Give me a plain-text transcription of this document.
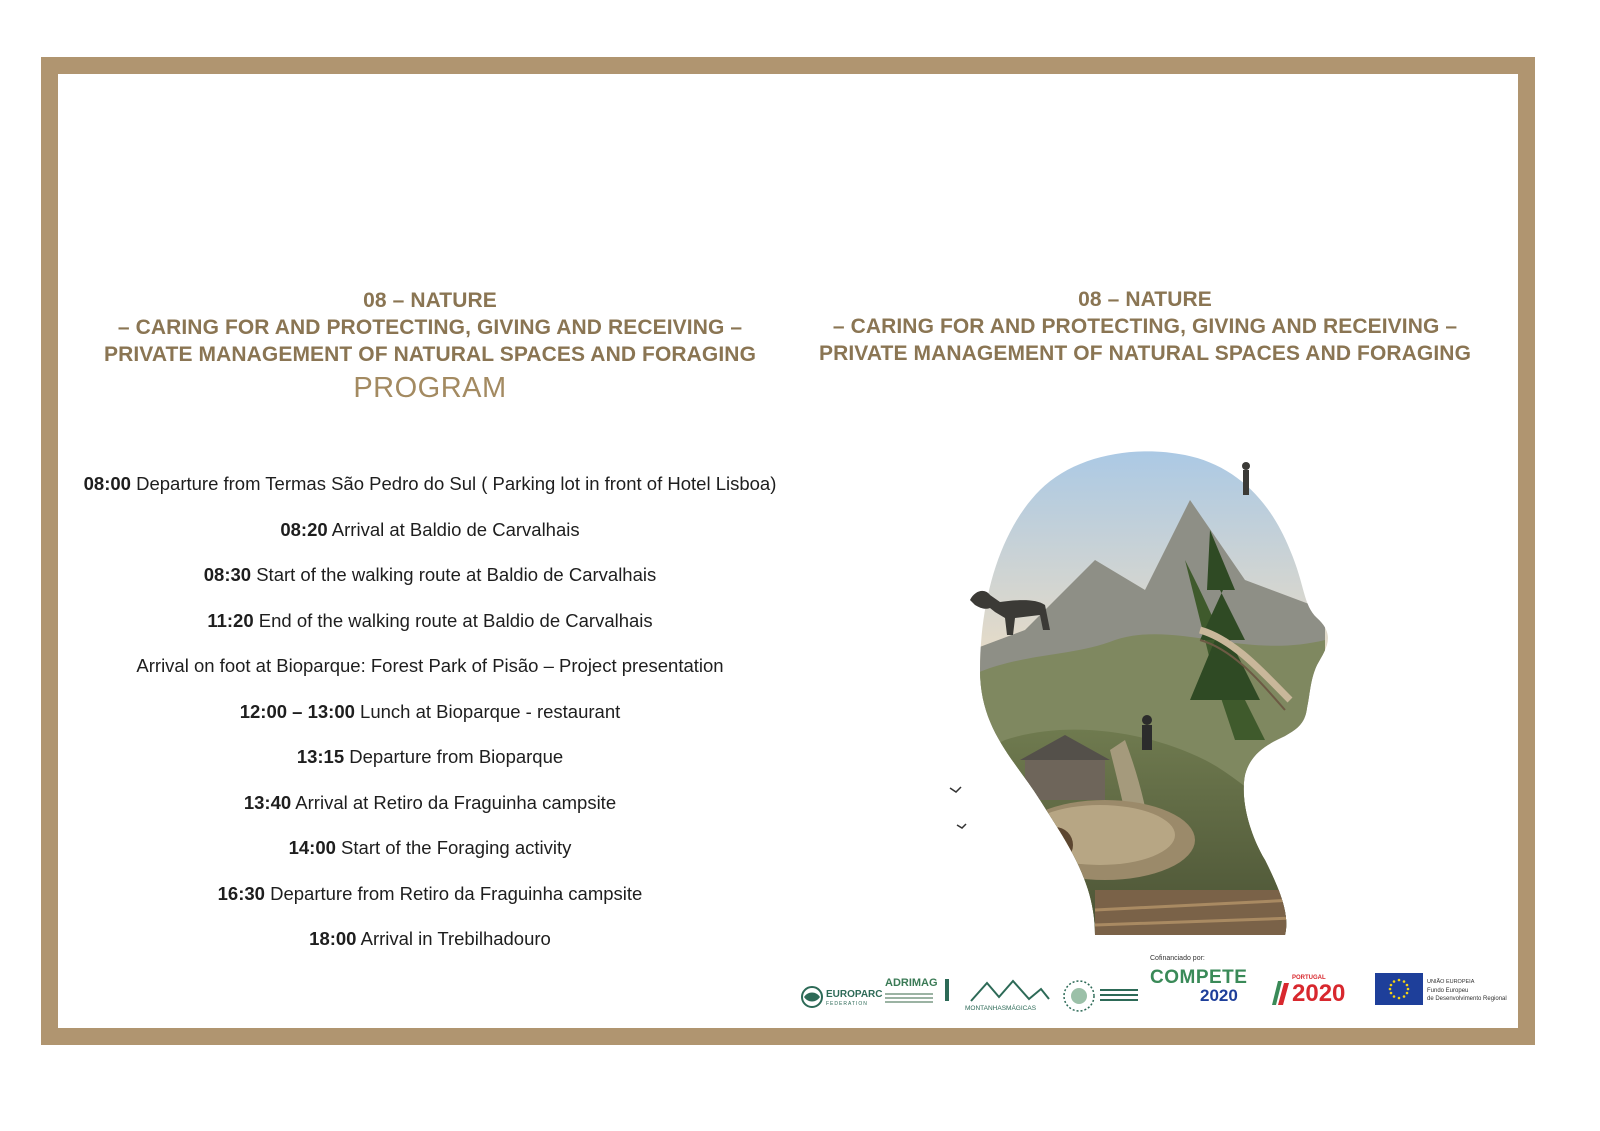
08 – NATURE
– CARING FOR AND PROTECTING, GIVING AND RECEIVING –
PRIVATE MANAGEMENT OF NATURAL SPACES AND FORAGING
PROGRAM
08 – NATURE
– CARING FOR AND PROTECTING, GIVING AND RECEIVING –
PRIVATE MANAGEMENT OF NATURAL SPACES AND FORAGING
08:00 Departure from Termas São Pedro do Sul ( Parking lot in front of Hotel Lisboa)
08:20 Arrival at Baldio de Carvalhais
08:30 Start of the walking route at Baldio de Carvalhais
11:20 End of the walking route at Baldio de Carvalhais
Arrival on foot at Bioparque: Forest Park of Pisão – Project presentation
12:00 – 13:00 Lunch at Bioparque - restaurant
13:15 Departure from Bioparque
13:40 Arrival at Retiro da Fraguinha campsite
14:00 Start of the Foraging activity
16:30 Departure from Retiro da Fraguinha campsite
18:00 Arrival in Trebilhadouro
EUROPARC
FEDERATION
ADRIMAG
MONTANHASMÁGICAS
Cofinanciado por:
COMPETE
2020
PORTUGAL
2020	UNIÃO EUROPEIA
Fundo Europeu
de Desenvolvimento Regional
